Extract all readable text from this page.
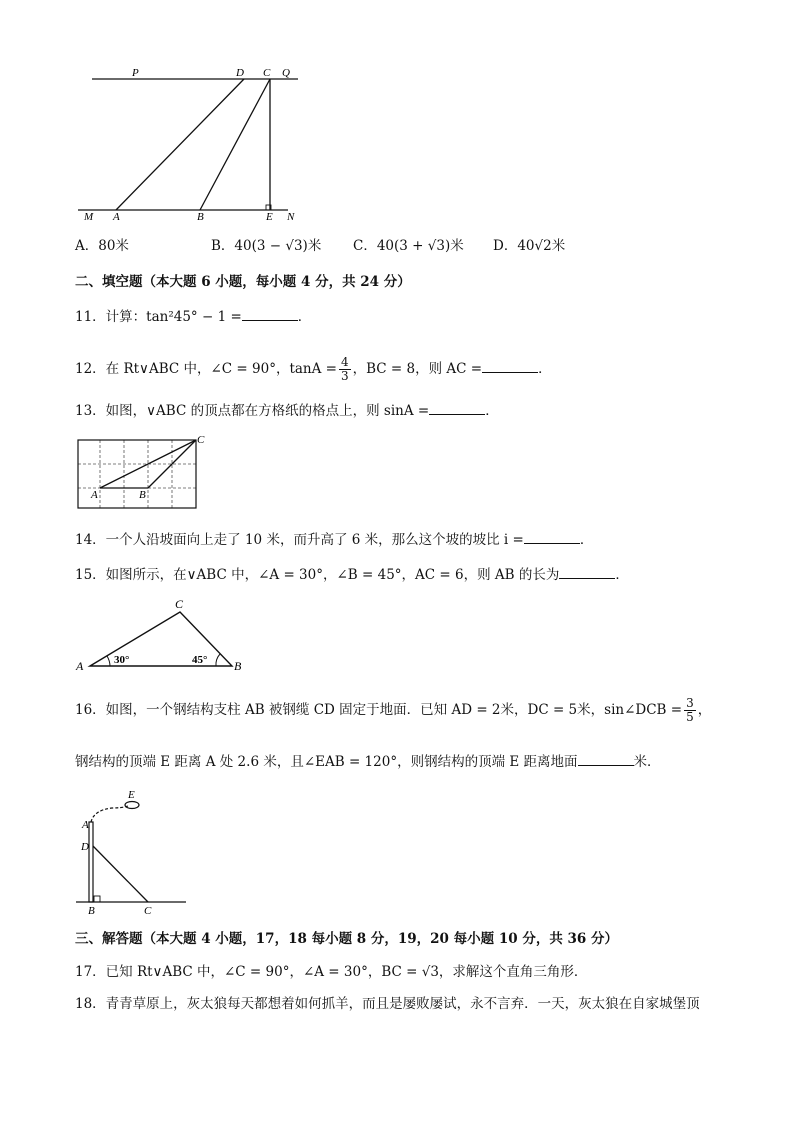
P	D C Q
M A	B	E N
A．80米	B．40(3 − √3)米 C．40(3 + √3)米 D．40√2米
二、填空题（本大题 6 小题，每小题 4 分，共 24 分）
11．计算：tan²45° − 1 =	．
12．在 Rt∨ABC 中，∠C = 90°，$\tan A = \frac{4}{3}$ ，BC = 8，则 AC =	．
13．如图，∨ABC 的顶点都在方格纸的格点上，则 sinA =	．
A	B
C
14．一个人沿坡面向上走了 10 米，而升高了 6 米，那么这个坡的坡比 i =	．
15．如图所示，在∨ABC 中，∠A = 30°，∠B = 45°，AC = 6，则 AB 的长为	．
A	B
C
30°	45°
16．如图，一个钢结构支柱 AB 被钢缆 CD 固定于地面．已知 AD = 2米，DC = 5米，sin∠DCB = $\frac{3}{5}$ ，
钢结构的顶端 E 距离 A 处 2.6 米，且∠EAB = 120°，则钢结构的顶端 E 距离地面	米．
E
A
D
B	C
三、解答题（本大题 4 小题，17，18 每小题 8 分，19，20 每小题 10 分，共 36 分）
17．已知 Rt∨ABC 中，∠C = 90°，∠A = 30°，BC = √3，求解这个直角三角形．
18．青青草原上，灰太狼每天都想着如何抓羊，而且是屡败屡试，永不言弃．一天，灰太狼在自家城堡顶
